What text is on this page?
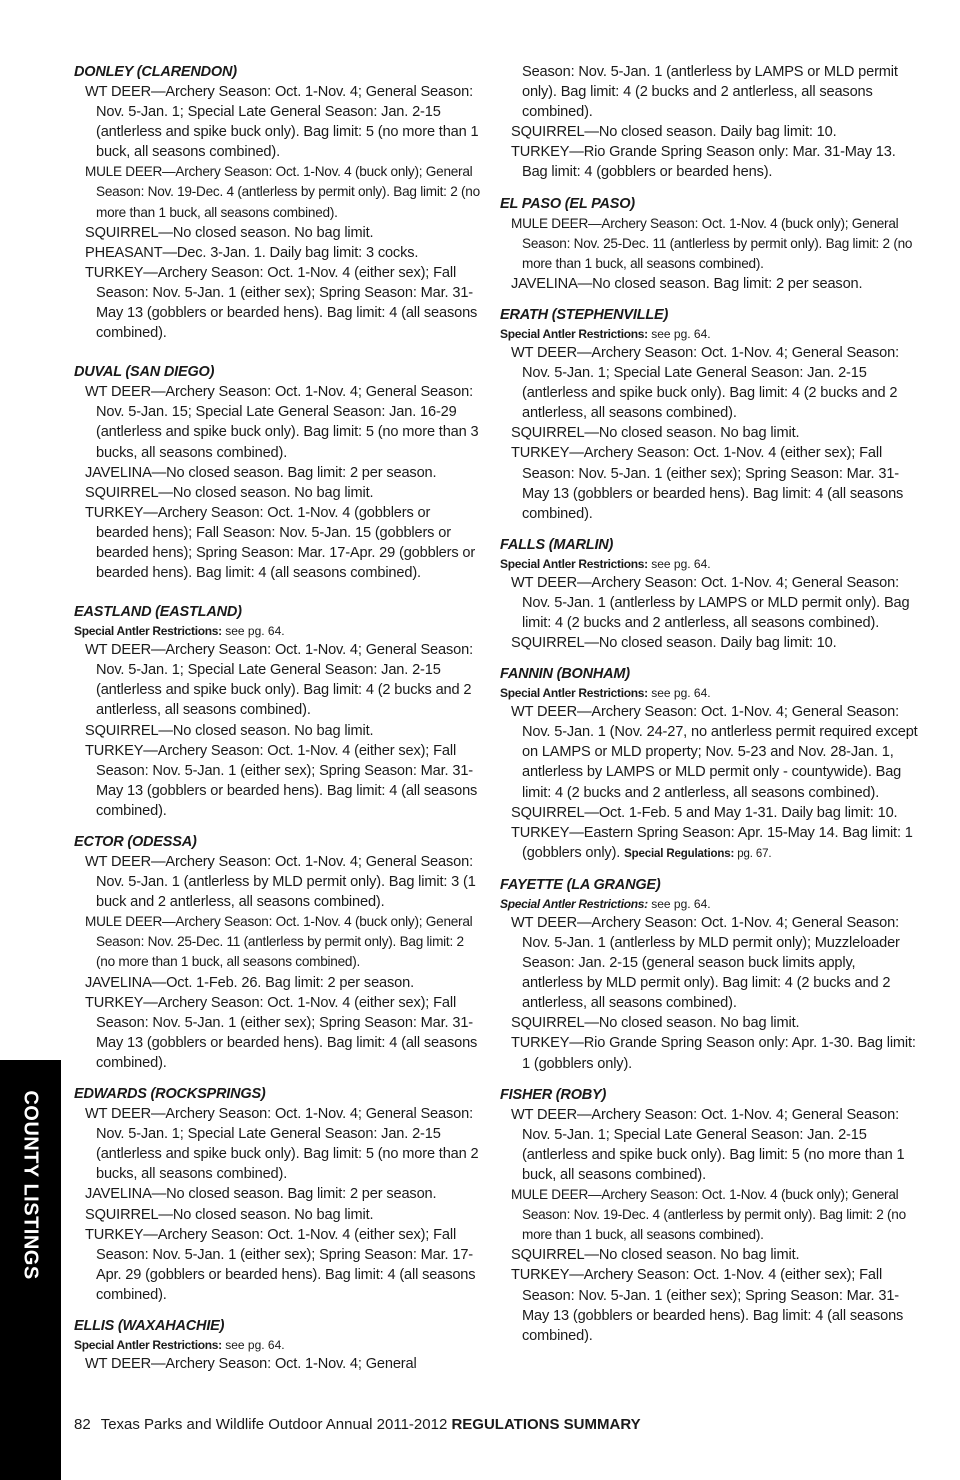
DONLEY (CLARENDON)

WT DEER—Archery Season: Oct. 1-Nov. 4; General Season: Nov. 5-Jan. 1; Special Late General Season: Jan. 2-15 (antlerless and spike buck only). Bag limit: 5 (no more than 1 buck, all seasons combined).

MULE DEER—Archery Season: Oct. 1-Nov. 4 (buck only); General Season: Nov. 19-Dec. 4 (antlerless by permit only). Bag limit: 2 (no more than 1 buck, all seasons combined).

SQUIRREL—No closed season. No bag limit.

PHEASANT—Dec. 3-Jan. 1. Daily bag limit: 3 cocks.

TURKEY—Archery Season: Oct. 1-Nov. 4 (either sex); Fall Season: Nov. 5-Jan. 1 (either sex); Spring Season: Mar. 31-May 13 (gobblers or bearded hens). Bag limit: 4 (all seasons combined).

DUVAL (SAN DIEGO)

WT DEER—Archery Season: Oct. 1-Nov. 4; General Season: Nov. 5-Jan. 15; Special Late General Season: Jan. 16-29 (antlerless and spike buck only). Bag limit: 5 (no more than 3 bucks, all seasons combined).

JAVELINA—No closed season. Bag limit: 2 per season.

SQUIRREL—No closed season. No bag limit.

TURKEY—Archery Season: Oct. 1-Nov. 4 (gobblers or bearded hens); Fall Season: Nov. 5-Jan. 15 (gobblers or bearded hens); Spring Season: Mar. 17-Apr. 29 (gobblers or bearded hens). Bag limit: 4 (all seasons combined).

EASTLAND (EASTLAND)

Special Antler Restrictions: see pg. 64.

WT DEER—Archery Season: Oct. 1-Nov. 4; General Season: Nov. 5-Jan. 1; Special Late General Season: Jan. 2-15 (antlerless and spike buck only). Bag limit: 4 (2 bucks and 2 antlerless, all seasons combined).

SQUIRREL—No closed season. No bag limit.

TURKEY—Archery Season: Oct. 1-Nov. 4 (either sex); Fall Season: Nov. 5-Jan. 1 (either sex); Spring Season: Mar. 31-May 13 (gobblers or bearded hens). Bag limit: 4 (all seasons combined).

ECTOR (ODESSA)

WT DEER—Archery Season: Oct. 1-Nov. 4; General Season: Nov. 5-Jan. 1 (antlerless by MLD permit only). Bag limit: 3 (1 buck and 2 antlerless, all seasons combined).

MULE DEER—Archery Season: Oct. 1-Nov. 4 (buck only); General Season: Nov. 25-Dec. 11 (antlerless by permit only). Bag limit: 2 (no more than 1 buck, all seasons combined).

JAVELINA—Oct. 1-Feb. 26. Bag limit: 2 per season.

TURKEY—Archery Season: Oct. 1-Nov. 4 (either sex); Fall Season: Nov. 5-Jan. 1 (either sex); Spring Season: Mar. 31-May 13 (gobblers or bearded hens). Bag limit: 4 (all seasons combined).

EDWARDS (ROCKSPRINGS)

WT DEER—Archery Season: Oct. 1-Nov. 4; General Season: Nov. 5-Jan. 1; Special Late General Season: Jan. 2-15 (antlerless and spike buck only). Bag limit: 5 (no more than 2 bucks, all seasons combined).

JAVELINA—No closed season. Bag limit: 2 per season.

SQUIRREL—No closed season. No bag limit.

TURKEY—Archery Season: Oct. 1-Nov. 4 (either sex); Fall Season: Nov. 5-Jan. 1 (either sex); Spring Season: Mar. 17-Apr. 29 (gobblers or bearded hens). Bag limit: 4 (all seasons combined).

ELLIS (WAXAHACHIE)

Special Antler Restrictions: see pg. 64.

WT DEER—Archery Season: Oct. 1-Nov. 4; General

Season: Nov. 5-Jan. 1 (antlerless by LAMPS or MLD permit only). Bag limit: 4 (2 bucks and 2 antlerless, all seasons combined).

SQUIRREL—No closed season. Daily bag limit: 10.

TURKEY—Rio Grande Spring Season only: Mar. 31-May 13. Bag limit: 4 (gobblers or bearded hens).

EL PASO (EL PASO)

MULE DEER—Archery Season: Oct. 1-Nov. 4 (buck only); General Season: Nov. 25-Dec. 11 (antlerless by permit only). Bag limit: 2 (no more than 1 buck, all seasons combined).

JAVELINA—No closed season. Bag limit: 2 per season.

ERATH (STEPHENVILLE)

Special Antler Restrictions: see pg. 64.

WT DEER—Archery Season: Oct. 1-Nov. 4; General Season: Nov. 5-Jan. 1; Special Late General Season: Jan. 2-15 (antlerless and spike buck only). Bag limit: 4 (2 bucks and 2 antlerless, all seasons combined).

SQUIRREL—No closed season. No bag limit.

TURKEY—Archery Season: Oct. 1-Nov. 4 (either sex); Fall Season: Nov. 5-Jan. 1 (either sex); Spring Season: Mar. 31-May 13 (gobblers or bearded hens). Bag limit: 4 (all seasons combined).

FALLS (MARLIN)

Special Antler Restrictions: see pg. 64.

WT DEER—Archery Season: Oct. 1-Nov. 4; General Season: Nov. 5-Jan. 1 (antlerless by LAMPS or MLD permit only). Bag limit: 4 (2 bucks and 2 antlerless, all seasons combined).

SQUIRREL—No closed season. Daily bag limit: 10.

FANNIN (BONHAM)

Special Antler Restrictions: see pg. 64.

WT DEER—Archery Season: Oct. 1-Nov. 4; General Season: Nov. 5-Jan. 1 (Nov. 24-27, no antlerless permit required except on LAMPS or MLD property; Nov. 5-23 and Nov. 28-Jan. 1, antlerless by LAMPS or MLD permit only - countywide). Bag limit: 4 (2 bucks and 2 antlerless, all seasons combined).

SQUIRREL—Oct. 1-Feb. 5 and May 1-31. Daily bag limit: 10.

TURKEY—Eastern Spring Season: Apr. 15-May 14. Bag limit: 1 (gobblers only). Special Regulations: pg. 67.

FAYETTE (LA GRANGE)

Special Antler Restrictions: see pg. 64.

WT DEER—Archery Season: Oct. 1-Nov. 4; General Season: Nov. 5-Jan. 1 (antlerless by MLD permit only); Muzzleloader Season: Jan. 2-15 (general season buck limits apply, antlerless by MLD permit only). Bag limit: 4 (2 bucks and 2 antlerless, all seasons combined).

SQUIRREL—No closed season. No bag limit.

TURKEY—Rio Grande Spring Season only: Apr. 1-30. Bag limit: 1 (gobblers only).

FISHER (ROBY)

WT DEER—Archery Season: Oct. 1-Nov. 4; General Season: Nov. 5-Jan. 1; Special Late General Season: Jan. 2-15 (antlerless and spike buck only). Bag limit: 5 (no more than 1 buck, all seasons combined).

MULE DEER—Archery Season: Oct. 1-Nov. 4 (buck only); General Season: Nov. 19-Dec. 4 (antlerless by permit only). Bag limit: 2 (no more than 1 buck, all seasons combined).

SQUIRREL—No closed season. No bag limit.

TURKEY—Archery Season: Oct. 1-Nov. 4 (either sex); Fall Season: Nov. 5-Jan. 1 (either sex); Spring Season: Mar. 31-May 13 (gobblers or bearded hens). Bag limit: 4 (all seasons combined).

COUNTY LISTINGS
82 Texas Parks and Wildlife Outdoor Annual 2011-2012 REGULATIONS SUMMARY
